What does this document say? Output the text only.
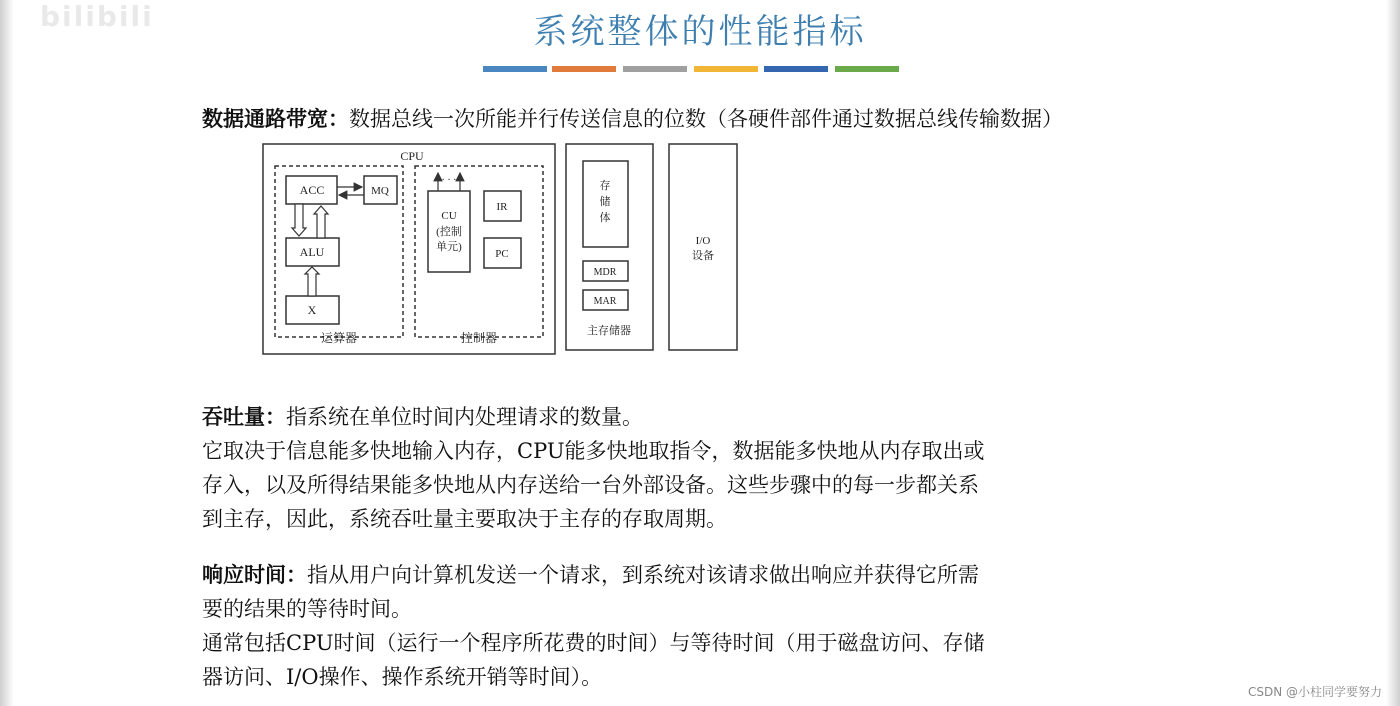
bilibili	系统整体的性能指标
数据通路带宽：数据总线一次所能并行传送信息的位数（各硬件部件通过数据总线传输数据）
CPU
ACC	MQ
ALU
X
运算器
· · ·
CU
(控制
单元)
IR
PC
控制器
存
储
体
MDR
MAR
主存储器
I/O
设备
吞吐量：指系统在单位时间内处理请求的数量。
它取决于信息能多快地输入内存，CPU能多快地取指令，数据能多快地从内存取出或
存入，以及所得结果能多快地从内存送给一台外部设备。这些步骤中的每一步都关系
到主存，因此，系统吞吐量主要取决于主存的存取周期。
响应时间：指从用户向计算机发送一个请求，到系统对该请求做出响应并获得它所需
要的结果的等待时间。
通常包括CPU时间（运行一个程序所花费的时间）与等待时间（用于磁盘访问、存储
器访问、I/O操作、操作系统开销等时间）。
CSDN @小柱同学要努力
